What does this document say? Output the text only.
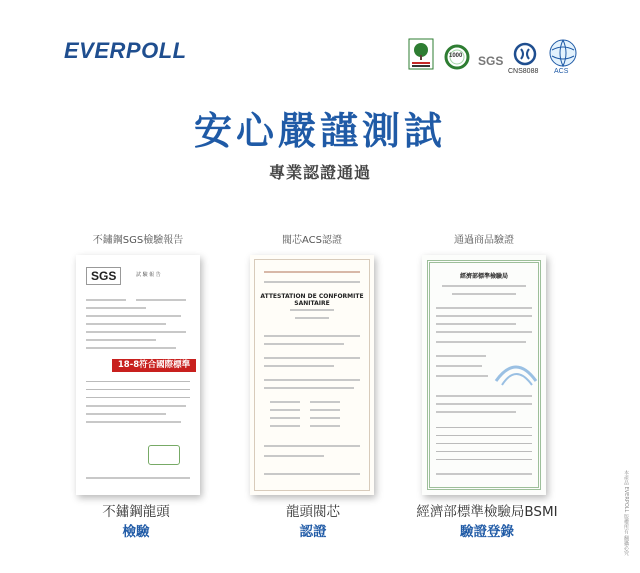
EVERPOLL	1000 SGS
CNS8088 ACS
安心嚴謹測試
專業認證通過
不鏽鋼SGS檢驗報告
SGS	試 驗 報 告
18-8符合國際標準
不鏽鋼龍頭
檢驗
閥芯ACS認證
ATTESTATION DE CONFORMITE SANITAIRE
龍頭閥芯
認證
通過商品驗證
經濟部標準檢驗局
經濟部標準檢驗局BSMI
驗證登錄	本產品 EVERPOLL 版權所有 翻攝必究
